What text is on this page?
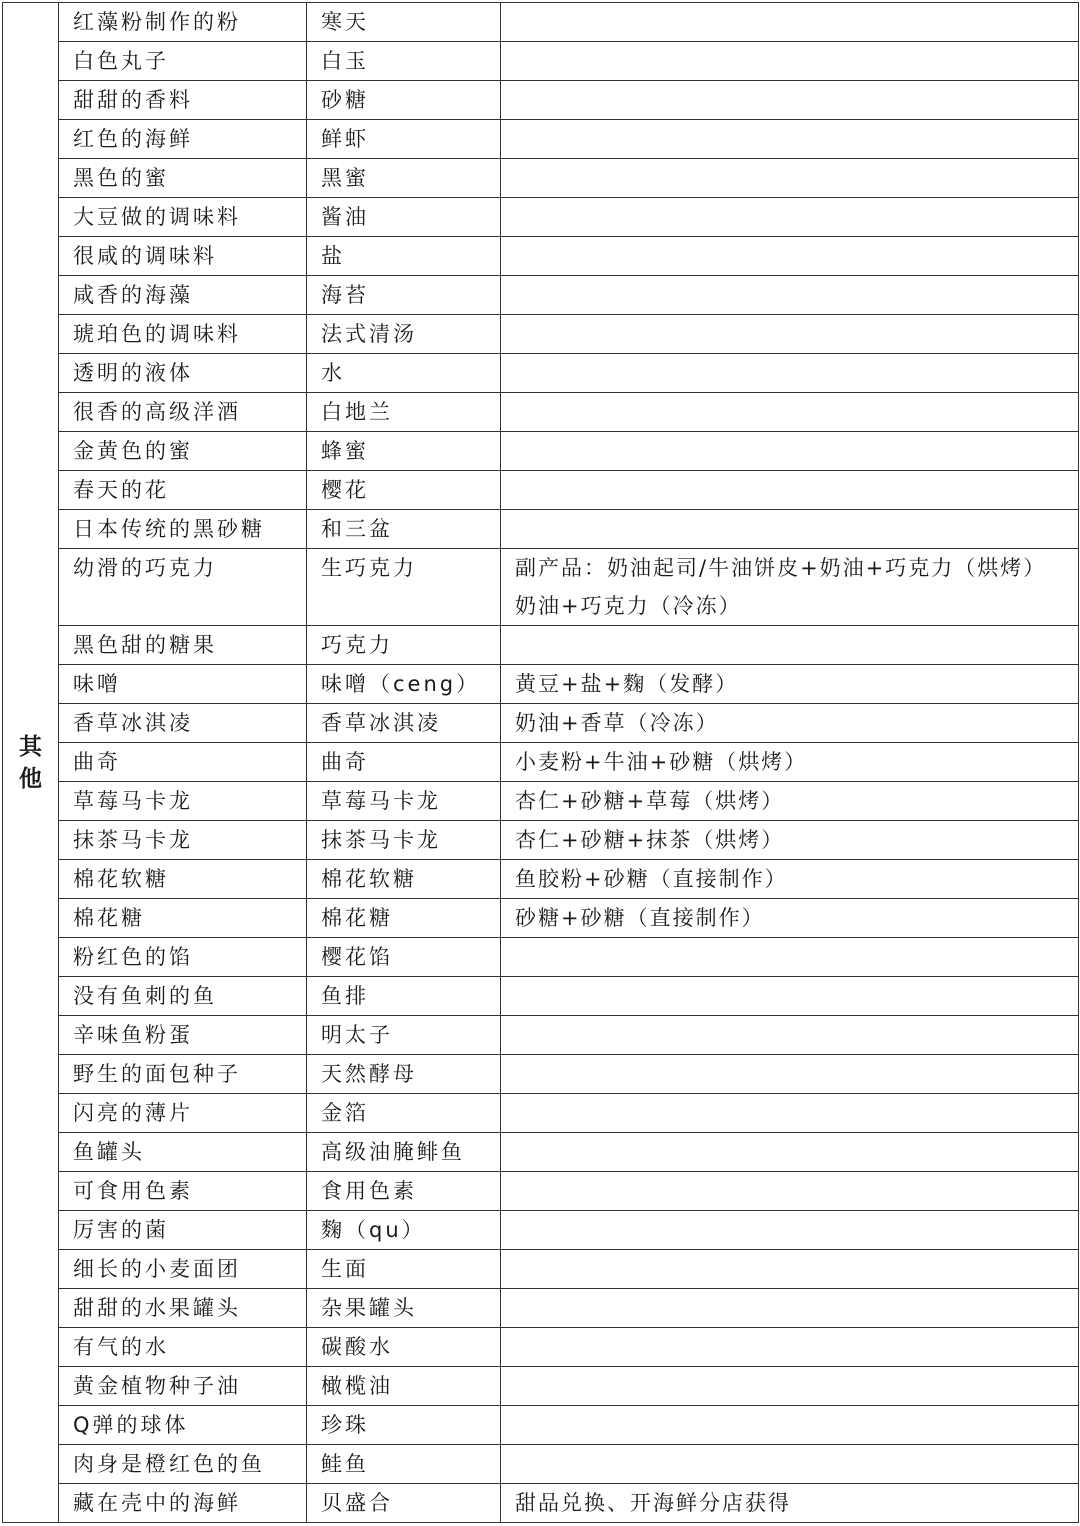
其他	红藻粉制作的粉	寒天	
	白色丸子	白玉	
	甜甜的香料	砂糖	
	红色的海鲜	鲜虾	
	黑色的蜜	黑蜜	
	大豆做的调味料	酱油	
	很咸的调味料	盐	
	咸香的海藻	海苔	
	琥珀色的调味料	法式清汤	
	透明的液体	水	
	很香的高级洋酒	白地兰	
	金黄色的蜜	蜂蜜	
	春天的花	樱花	
	日本传统的黑砂糖	和三盆	
	幼滑的巧克力	生巧克力	副产品：奶油起司/牛油饼皮+奶油+巧克力（烘烤）奶油+巧克力（冷冻）
	黑色甜的糖果	巧克力	
	味噌	味噌（ceng）	黄豆+盐+麴（发酵）
	香草冰淇凌	香草冰淇凌	奶油+香草（冷冻）
	曲奇	曲奇	小麦粉+牛油+砂糖（烘烤）
	草莓马卡龙	草莓马卡龙	杏仁+砂糖+草莓（烘烤）
	抹茶马卡龙	抹茶马卡龙	杏仁+砂糖+抹茶（烘烤）
	棉花软糖	棉花软糖	鱼胶粉+砂糖（直接制作）
	棉花糖	棉花糖	砂糖+砂糖（直接制作）
	粉红色的馅	樱花馅	
	没有鱼刺的鱼	鱼排	
	辛味鱼粉蛋	明太子	
	野生的面包种子	天然酵母	
	闪亮的薄片	金箔	
	鱼罐头	高级油腌鲱鱼	
	可食用色素	食用色素	
	厉害的菌	麴（qu）	
	细长的小麦面团	生面	
	甜甜的水果罐头	杂果罐头	
	有气的水	碳酸水	
	黄金植物种子油	橄榄油	
	Q弹的球体	珍珠	
	肉身是橙红色的鱼	鲑鱼	
	藏在壳中的海鲜	贝盛合	甜品兑换、开海鲜分店获得
